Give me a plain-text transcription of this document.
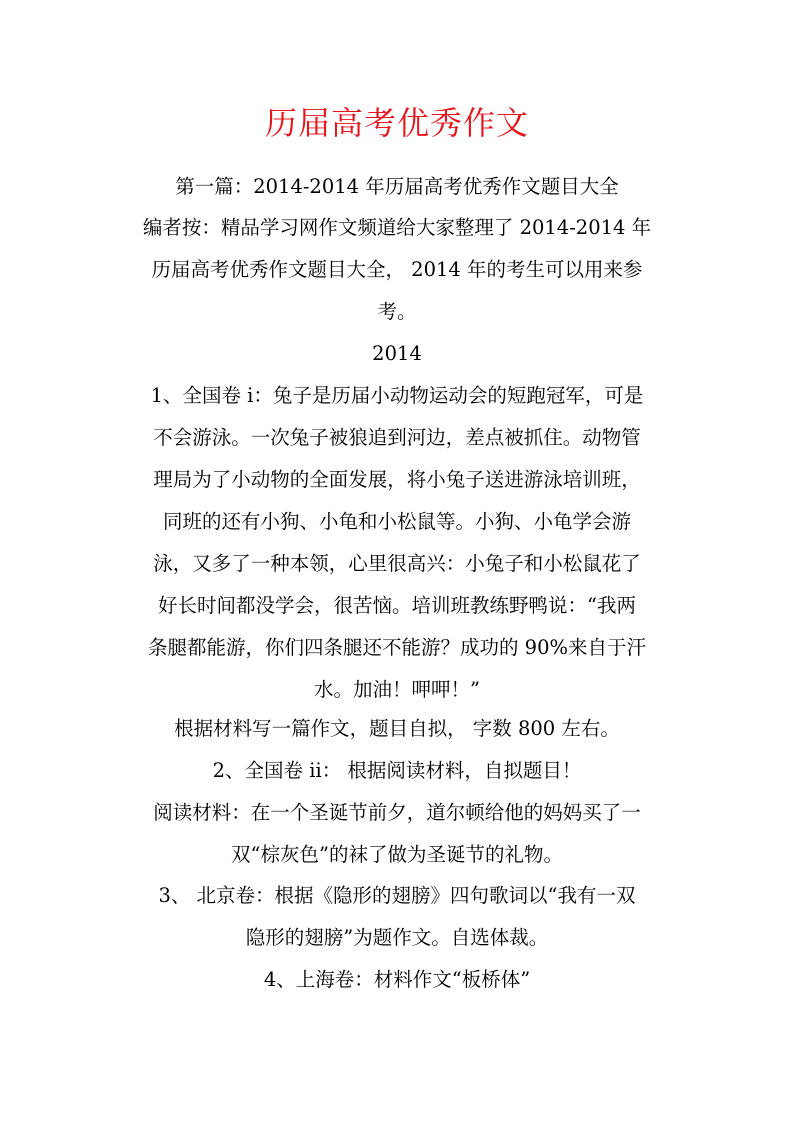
历届高考优秀作文
第一篇：2014-2014 年历届高考优秀作文题目大全
编者按：精品学习网作文频道给大家整理了 2014-2014 年
历届高考优秀作文题目大全， 2014 年的考生可以用来参
考。
2014
1、全国卷 i：兔子是历届小动物运动会的短跑冠军，可是
不会游泳。一次兔子被狼追到河边，差点被抓住。动物管
理局为了小动物的全面发展，将小兔子送进游泳培训班，
同班的还有小狗、小龟和小松鼠等。小狗、小龟学会游
泳，又多了一种本领，心里很高兴：小兔子和小松鼠花了
好长时间都没学会，很苦恼。培训班教练野鸭说：“我两
条腿都能游，你们四条腿还不能游？成功的 90%来自于汗
水。加油！呷呷！”
根据材料写一篇作文，题目自拟， 字数 800 左右。
2、全国卷 ii： 根据阅读材料，自拟题目！
阅读材料：在一个圣诞节前夕，道尔顿给他的妈妈买了一
双“棕灰色”的袜了做为圣诞节的礼物。
3、 北京卷：根据《隐形的翅膀》四句歌词以“我有一双
隐形的翅膀”为题作文。自选体裁。
4、上海卷：材料作文“板桥体”
